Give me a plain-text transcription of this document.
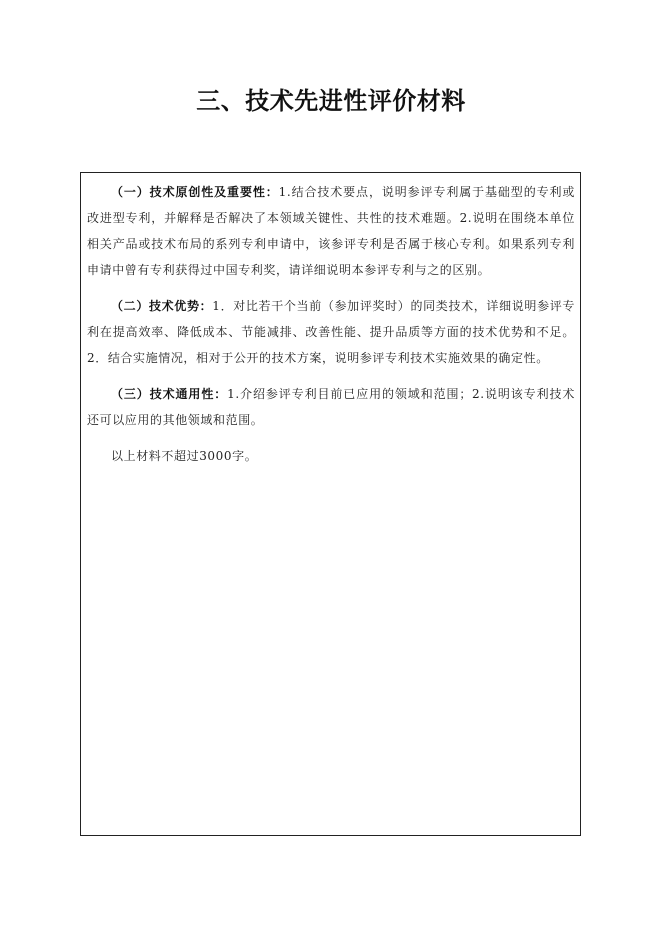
三、技术先进性评价材料

（一）技术原创性及重要性：1.结合技术要点，说明参评专利属于基础型的专利或改进型专利，并解释是否解决了本领域关键性、共性的技术难题。2.说明在围绕本单位相关产品或技术布局的系列专利申请中，该参评专利是否属于核心专利。如果系列专利申请中曾有专利获得过中国专利奖，请详细说明本参评专利与之的区别。

（二）技术优势：1．对比若干个当前（参加评奖时）的同类技术，详细说明参评专利在提高效率、降低成本、节能减排、改善性能、提升品质等方面的技术优势和不足。2．结合实施情况，相对于公开的技术方案，说明参评专利技术实施效果的确定性。

（三）技术通用性：1.介绍参评专利目前已应用的领域和范围；2.说明该专利技术还可以应用的其他领域和范围。

以上材料不超过3000字。
